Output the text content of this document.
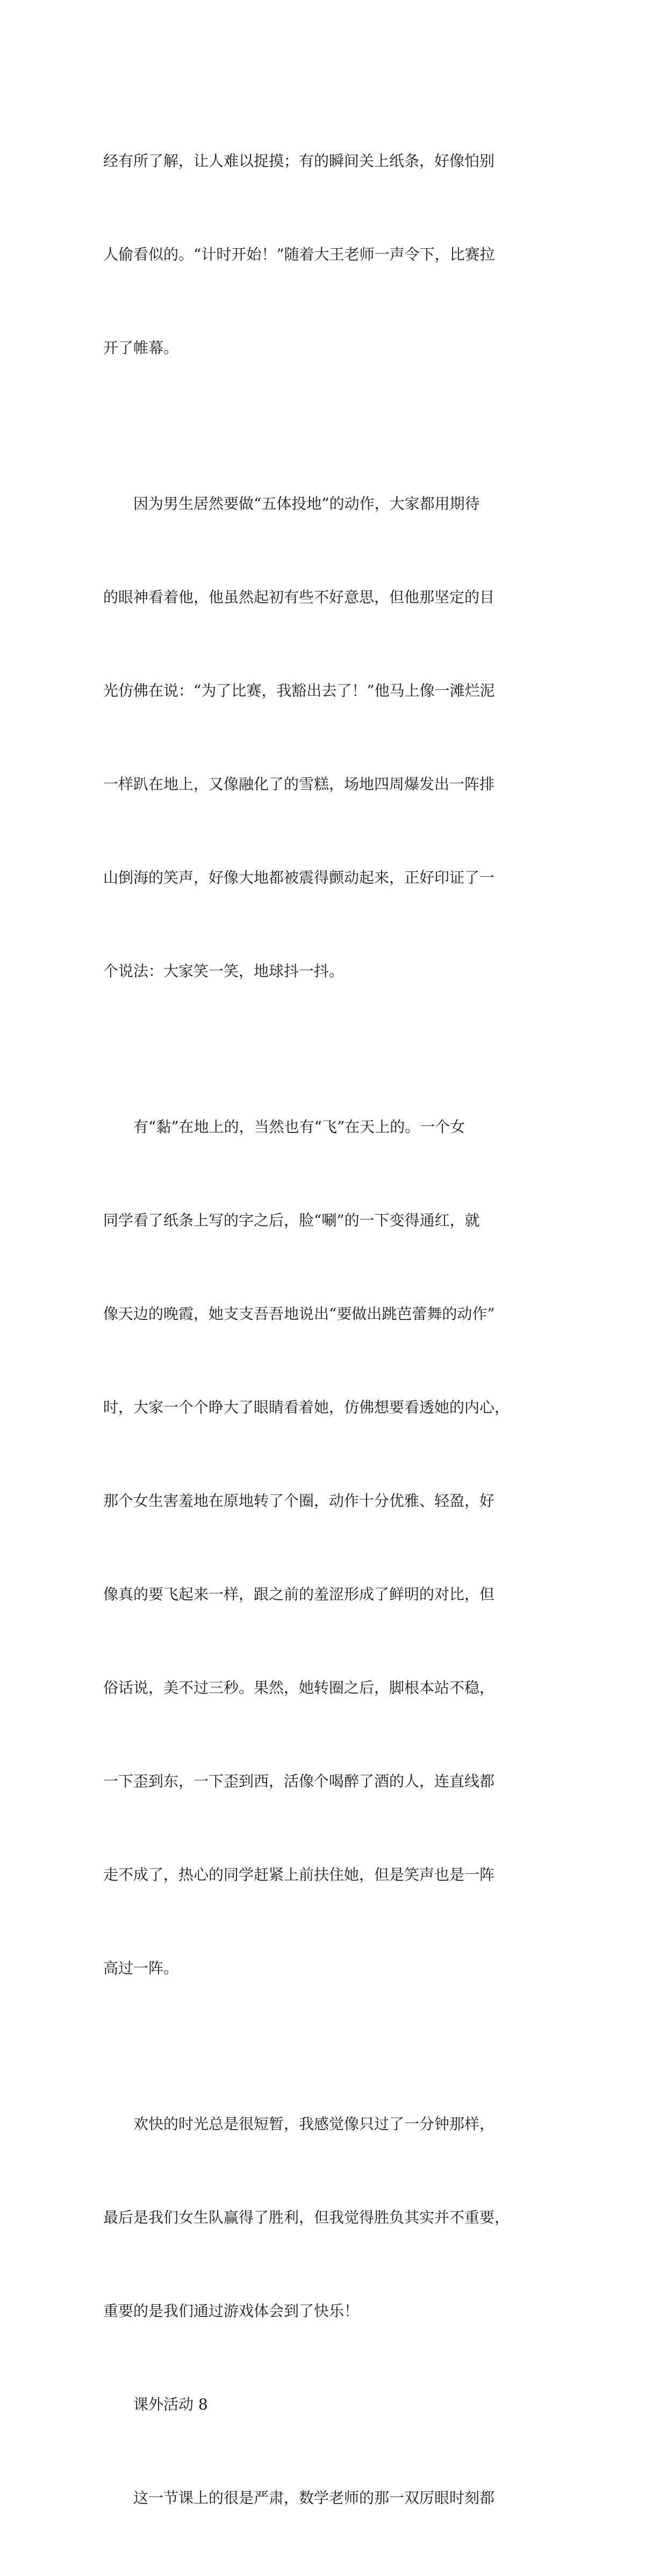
经有所了解，让人难以捉摸；有的瞬间关上纸条，好像怕别

人偷看似的。“计时开始！”随着大王老师一声令下，比赛拉

开了帷幕。

因为男生居然要做“五体投地”的动作，大家都用期待

的眼神看着他，他虽然起初有些不好意思，但他那坚定的目

光仿佛在说：“为了比赛，我豁出去了！”他马上像一滩烂泥

一样趴在地上，又像融化了的雪糕，场地四周爆发出一阵排

山倒海的笑声，好像大地都被震得颤动起来，正好印证了一

个说法：大家笑一笑，地球抖一抖。

有“黏”在地上的，当然也有“飞”在天上的。一个女

同学看了纸条上写的字之后，脸“唰”的一下变得通红，就

像天边的晚霞，她支支吾吾地说出“要做出跳芭蕾舞的动作”

时，大家一个个睁大了眼睛看着她，仿佛想要看透她的内心，

那个女生害羞地在原地转了个圈，动作十分优雅、轻盈，好

像真的要飞起来一样，跟之前的羞涩形成了鲜明的对比，但

俗话说，美不过三秒。果然，她转圈之后，脚根本站不稳，

一下歪到东，一下歪到西，活像个喝醉了酒的人，连直线都

走不成了，热心的同学赶紧上前扶住她，但是笑声也是一阵

高过一阵。

欢快的时光总是很短暂，我感觉像只过了一分钟那样，

最后是我们女生队赢得了胜利，但我觉得胜负其实并不重要，

重要的是我们通过游戏体会到了快乐！

课外活动 8

这一节课上的很是严肃，数学老师的那一双厉眼时刻都
